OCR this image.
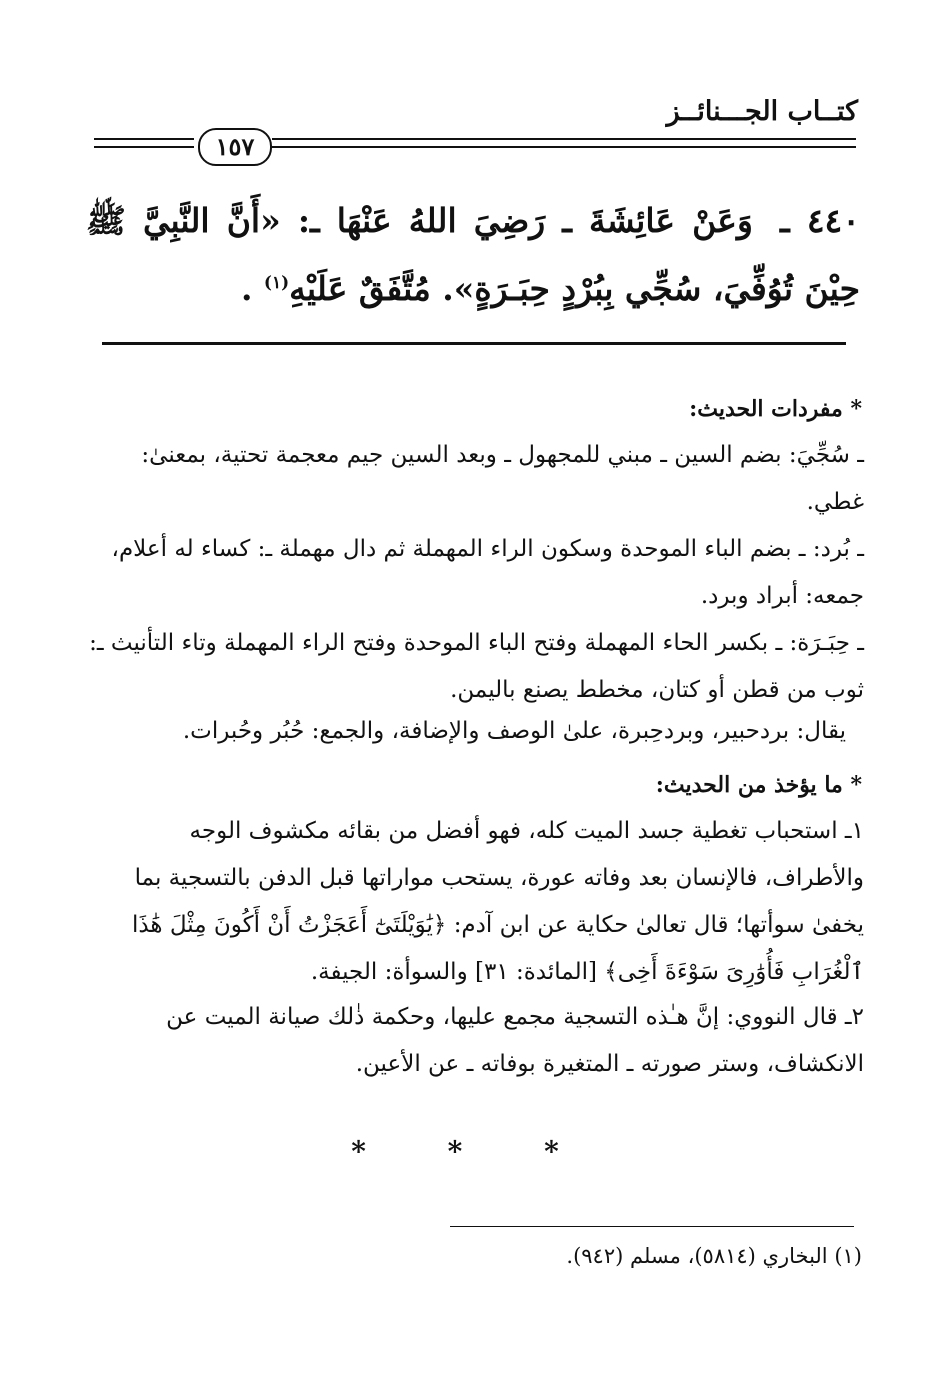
كتــاب الجـــنائــز
١٥٧
٤٤٠ ـ وَعَنْ عَائِشَةَ ـ رَضِيَ اللهُ عَنْهَا ـ: «أَنَّ النَّبِيَّ ﷺ حِيْنَ تُوُفِّيَ، سُجِّي بِبُرْدٍ حِبَـرَةٍ». مُتَّفَقٌ عَلَيْهِ$^{(١)}$ .
* مفردات الحديث:
ـ سُجِّيَ: بضم السين ـ مبني للمجهول ـ وبعد السين جيم معجمة تحتية، بمعنىٰ: غطي.
ـ بُرد: ـ بضم الباء الموحدة وسكون الراء المهملة ثم دال مهملة ـ: كساء له أعلام، جمعه: أبراد وبرد.
ـ حِبَـرَة: ـ بكسر الحاء المهملة وفتح الباء الموحدة وفتح الراء المهملة وتاء التأنيث ـ: ثوب من قطن أو كتان، مخطط يصنع باليمن.
يقال: بردحبير، وبردحِبرة، علىٰ الوصف والإضافة، والجمع: حُبُر وحُبرات.
* ما يؤخذ من الحديث:
١ـ استحباب تغطية جسد الميت كله، فهو أفضل من بقائه مكشوف الوجه والأطراف، فالإنسان بعد وفاته عورة، يستحب مواراتها قبل الدفن بالتسجية بما يخفىٰ سوأتها؛ قال تعالىٰ حكاية عن ابن آدم: ﴿يَٰوَيْلَتَىٰٓ أَعَجَزْتُ أَنْ أَكُونَ مِثْلَ هَٰذَا ٱلْغُرَابِ فَأُوَٰرِىَ سَوْءَةَ أَخِى﴾ [المائدة: ٣١] والسوأة: الجيفة.
٢ـ قال النووي: إنَّ هـٰذه التسجية مجمع عليها، وحكمة ذٰلك صيانة الميت عن الانكشاف، وستر صورته ـ المتغيرة بوفاته ـ عن الأعين.
* * *
(١) البخاري (٥٨١٤)، مسلم (٩٤٢).
